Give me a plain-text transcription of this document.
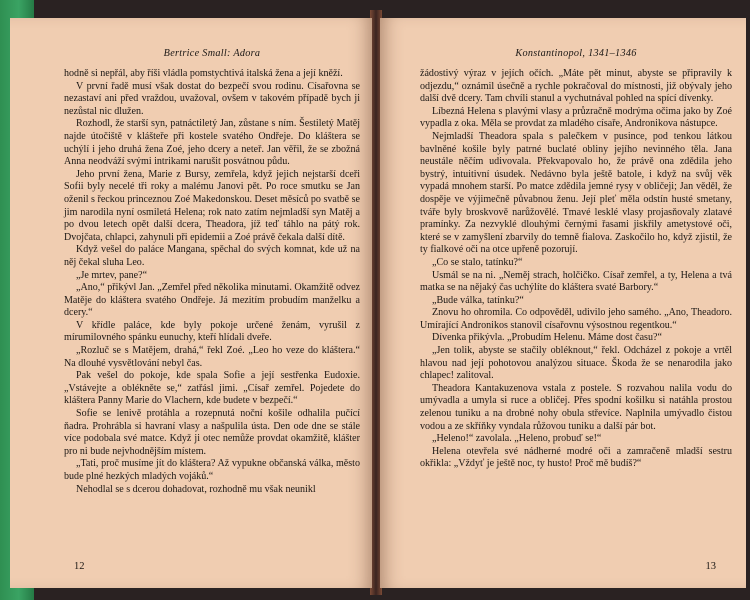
Bertrice Small: Adora

hodně si nepřál, aby říši vládla pomstychtivá italská žena a její kněží.

V první řadě musí však dostat do bezpečí svou rodinu. Císařovna se nezastaví ani před vraždou, uvažoval, ovšem v takovém případě bych ji nezůstal nic dlužen.

Rozhodl, že starší syn, patnáctiletý Jan, zůstane s ním. Šestiletý Matěj najde útočiště v klášteře při kostele svatého Ondřeje. Do kláštera se uchýlí i jeho druhá žena Zoé, jeho dcery a neteř. Jan věřil, že se zbožná Anna neodváží svými intrikami narušit posvátnou půdu.

Jeho první žena, Marie z Bursy, zemřela, když jejich nejstarší dceři Sofii byly necelé tři roky a malému Janovi pět. Po roce smutku se Jan oženil s řeckou princeznou Zoé Makedonskou. Deset měsíců po svatbě se jim narodila nyní osmiletá Helena; rok nato zatím nejmladší syn Matěj a po dvou letech opět další dcera, Theadora, jíž teď táhlo na pátý rok. Dvojčata, chlapci, zahynuli při epidemii a Zoé právě čekala další dítě.

Když vešel do paláce Mangana, spěchal do svých komnat, kde už na něj čekal sluha Leo.

„Je mrtev, pane?“

„Ano,“ přikývl Jan. „Zemřel před několika minutami. Okamžitě odvez Matěje do kláštera svatého Ondřeje. Já mezitím probudím manželku a dcery.“

V křídle paláce, kde byly pokoje určené ženám, vyrušil z mírumilovného spánku eunuchy, kteří hlídali dveře.

„Rozluč se s Matějem, drahá,“ řekl Zoé. „Leo ho veze do kláštera.“ Na dlouhé vysvětlování nebyl čas.

Pak vešel do pokoje, kde spala Sofie a její sestřenka Eudoxie. „Vstávejte a oblékněte se,“ zatřásl jimi. „Císař zemřel. Pojedete do kláštera Panny Marie do Vlachern, kde budete v bezpečí.“

Sofie se lenivě protáhla a rozepnutá noční košile odhalila pučící ňadra. Prohrábla si havraní vlasy a našpulila ústa. Den ode dne se stále více podobala své matce. Když ji otec nemůže provdat okamžitě, klášter pro ni bude nejvhodnějším místem.

„Tati, proč musíme jít do kláštera? Až vypukne občanská válka, město bude plné hezkých mladých vojáků.“

Nehodlal se s dcerou dohadovat, rozhodně mu však neunikl

12
Konstantinopol, 1341–1346

žádostivý výraz v jejích očích. „Máte pět minut, abyste se připravily k odjezdu,“ oznámil úsečně a rychle pokračoval do místnosti, již obývaly jeho další dvě dcery. Tam chvíli stanul a vychutnával pohled na spící dívenky.

Líbezná Helena s plavými vlasy a průzračně modrýma očima jako by Zoé vypadla z oka. Měla se provdat za mladého císaře, Andronikova nástupce.

Nejmladší Theadora spala s palečkem v pusince, pod tenkou látkou bavlněné košile byly patrné buclaté obliny jejího nevinného těla. Jana neustále něčím udivovala. Překvapovalo ho, že právě ona zdědila jeho bystrý, intuitivní úsudek. Nedávno byla ještě batole, i když na svůj věk vypadá mnohem starší. Po matce zdědila jemné rysy v obličeji; Jan věděl, že dospěje ve výjimečně půvabnou ženu. Její pleť měla odstín husté smetany, tváře byly broskvově narůžovělé. Tmavé lesklé vlasy projasňovaly zlatavé pramínky. Za nezvyklé dlouhými černými řasami jiskřily ametystové oči, které se v zamyšlení zbarvily do temně fialova. Zaskočilo ho, když zjistil, že ty fialkové oči na otce upřeně pozorují.

„Co se stalo, tatínku?“

Usmál se na ni. „Neměj strach, holčičko. Císař zemřel, a ty, Helena a tvá matka se na nějaký čas uchýlíte do kláštera svaté Barbory.“

„Bude válka, tatínku?“

Znovu ho ohromila. Co odpověděl, udivilo jeho samého. „Ano, Theadoro. Umírající Andronikos stanovil císařovnu výsostnou regentkou.“

Dívenka přikývla. „Probudím Helenu. Máme dost času?“

„Jen tolik, abyste se stačily obléknout,“ řekl. Odcházel z pokoje a vrtěl hlavou nad její pohotovou analýzou situace. Škoda že se nenarodila jako chlapec! zalitoval.

Theadora Kantakuzenova vstala z postele. S rozvahou nalila vodu do umývadla a umyla si ruce a obličej. Přes spodní košilku si natáhla prostou zelenou tuniku a na drobné nohy obula střevíce. Naplnila umývadlo čistou vodou a ze skříňky vyndala růžovou tuniku a další pár bot.

„Heleno!“ zavolala. „Heleno, probuď se!“

Helena otevřela své nádherné modré oči a zamračeně mladší sestru okřikla: „Vždyť je ještě noc, ty husto! Proč mě budíš?“

13
